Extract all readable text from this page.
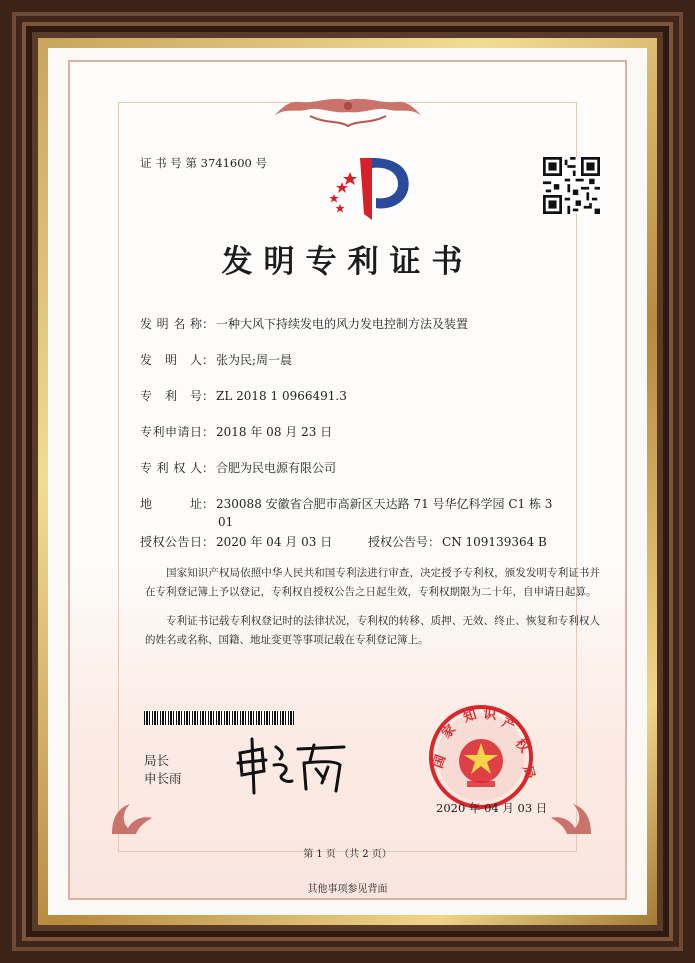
证 书 号 第 3741600 号
发明专利证书
发明名称： 一种大风下持续发电的风力发电控制方法及装置
发明人： 张为民;周一晨
专利号： ZL 2018 1 0966491.3
专利申请日： 2018 年 08 月 23 日
专利权人： 合肥为民电源有限公司
地址： 230088 安徽省合肥市高新区天达路 71 号华亿科学园 C1 栋 3
01
授权公告日： 2020 年 04 月 03 日	授权公告号： CN 109139364 B
国家知识产权局依照中华人民共和国专利法进行审查，决定授予专利权，颁发发明专利证书并在专利登记簿上予以登记，专利权自授权公告之日起生效，专利权期限为二十年，自申请日起算。
专利证书记载专利权登记时的法律状况，专利权的转移、质押、无效、终止、恢复和专利权人的姓名或名称、国籍、地址变更等事项记载在专利登记簿上。
局长
申长雨
国
家
知 识
产
权
局
2020 年 04 月 03 日
第 1 页 （共 2 页）
其他事项参见背面
